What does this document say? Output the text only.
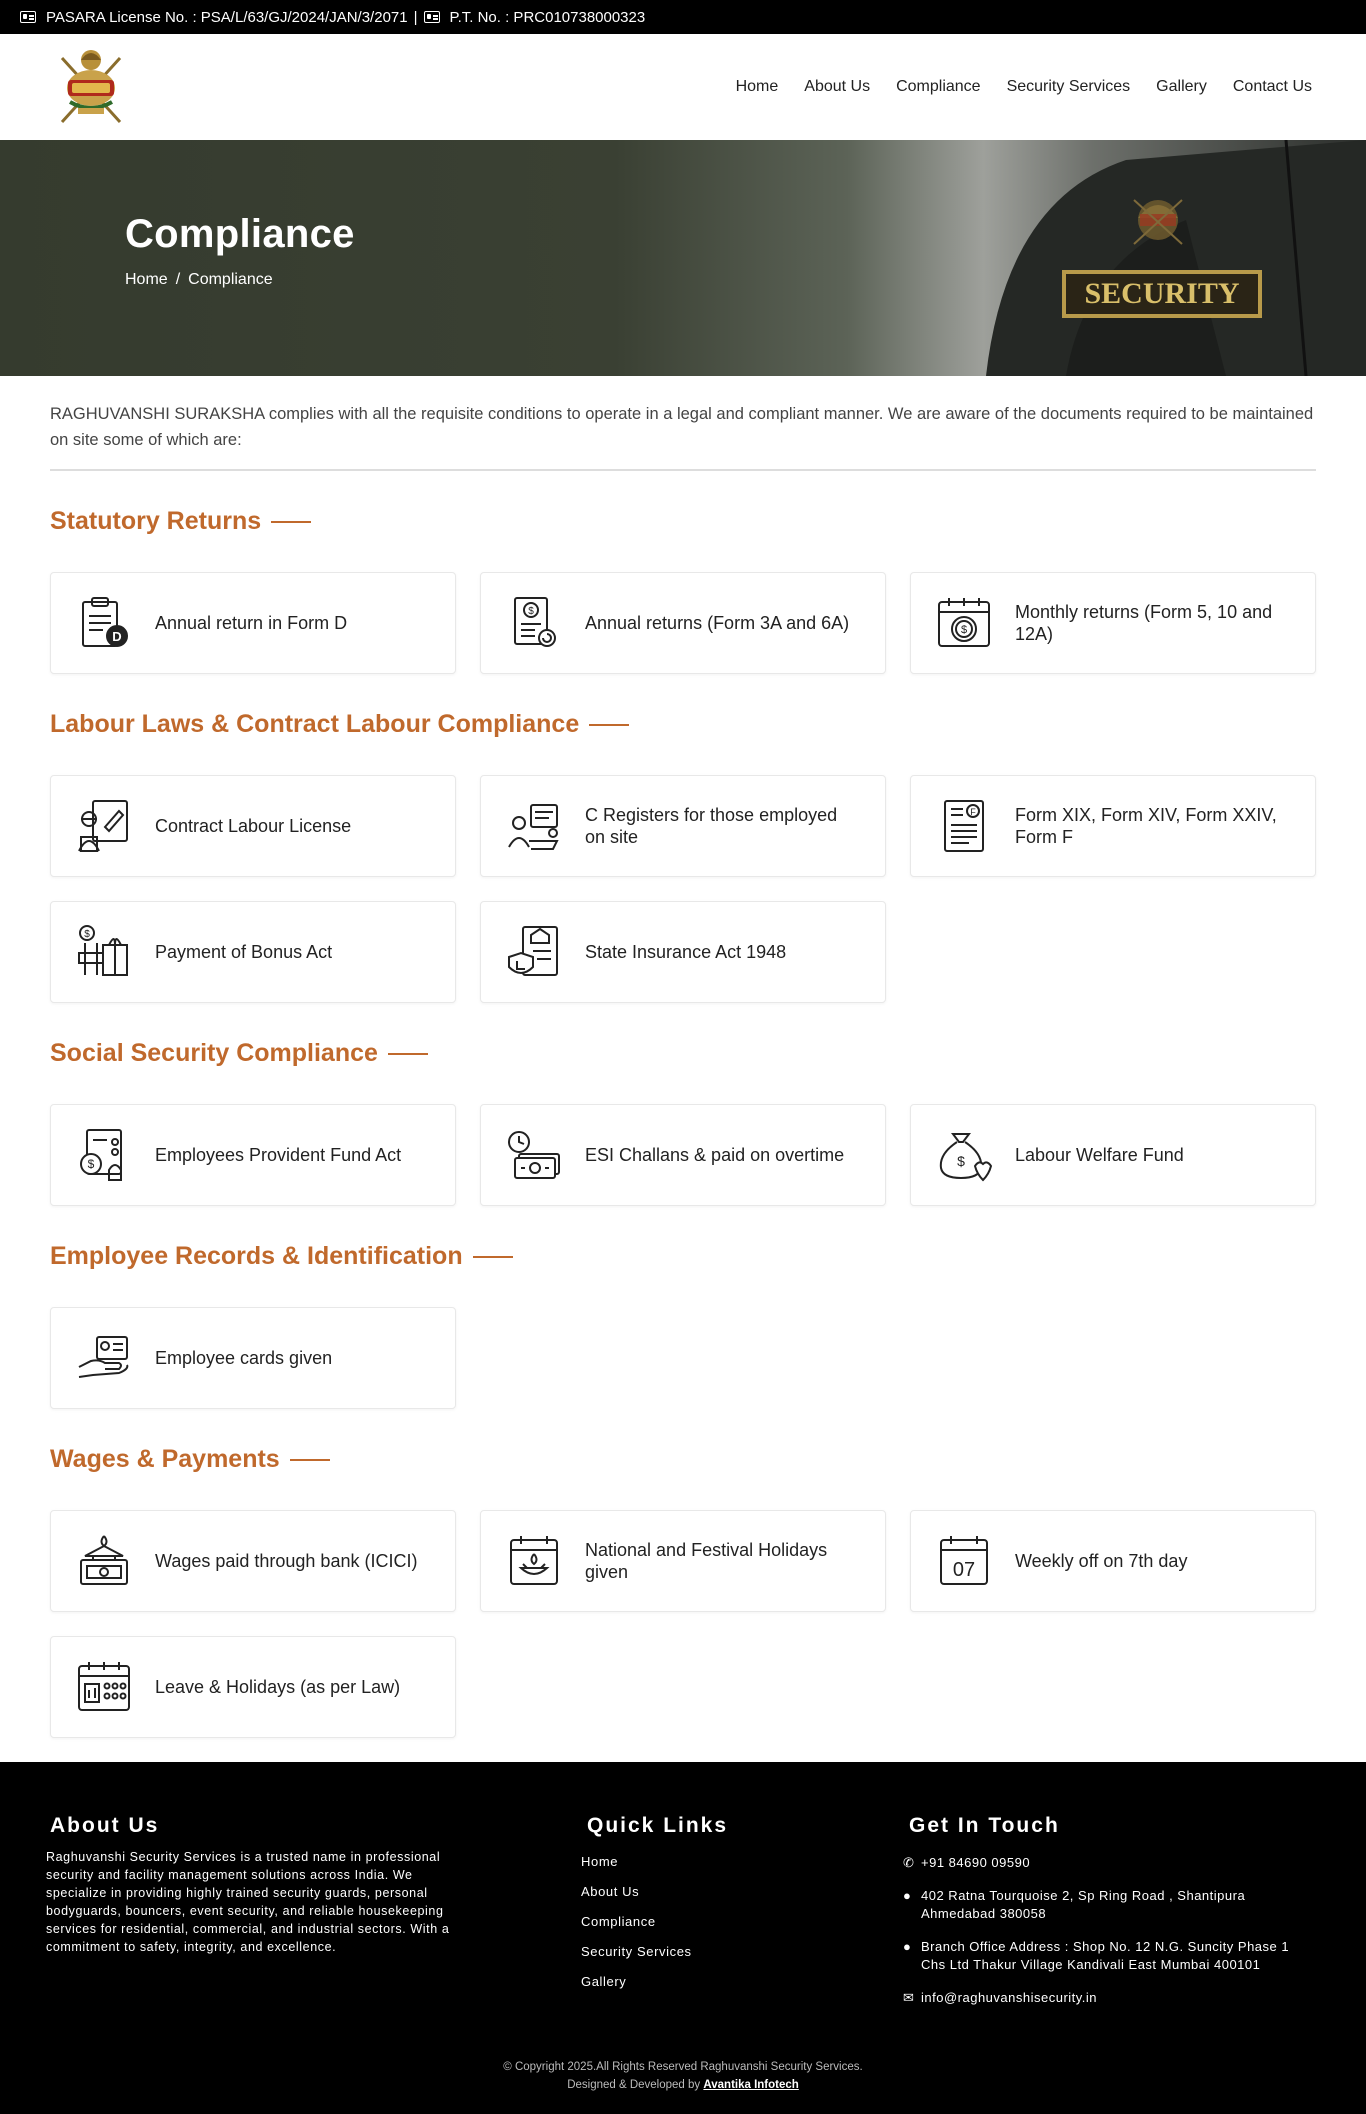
PASARA License No. : PSA/L/63/GJ/2024/JAN/3/2071 | P.T. No. : PRC010738000323
Home About Us Compliance Security Services Gallery Contact Us
SECURITY
Compliance
Home / Compliance

RAGHUVANSHI SURAKSHA complies with all the requisite conditions to operate in a legal and compliant manner. We are aware of the documents required to be maintained on site some of which are:

Statutory Returns
D
Annual return in Form D
$
Annual returns (Form 3A and 6A)	$
Monthly returns (Form 5, 10 and 12A)
Labour Laws & Contract Labour Compliance
Contract Labour License
C Registers for those employed on site
F Form XIX, Form XIV, Form XXIV, Form F
$
Payment of Bonus Act	State Insurance Act 1948
Social Security Compliance
$	Employees Provident Fund Act	ESI Challans & paid on overtime	$	Labour Welfare Fund
Employee Records & Identification
Employee cards given
Wages & Payments
Wages paid through bank (ICICI)
National and Festival Holidays given	07 Weekly off on 7th day
Leave & Holidays (as per Law)
About Us

Raghuvanshi Security Services is a trusted name in professional security and facility management solutions across India. We specialize in providing highly trained security guards, personal bodyguards, bouncers, event security, and reliable housekeeping services for residential, commercial, and industrial sectors. With a commitment to safety, integrity, and excellence.

Quick Links
Home
About Us
Compliance
Security Services
Gallery
Get In Touch
✆ +91 84690 09590
● 402 Ratna Tourquoise 2, Sp Ring Road , Shantipura Ahmedabad 380058
● Branch Office Address : Shop No. 12 N.G. Suncity Phase 1 Chs Ltd Thakur Village Kandivali East Mumbai 400101
✉ info@raghuvanshisecurity.in
© Copyright 2025.All Rights Reserved Raghuvanshi Security Services.
Designed & Developed by Avantika Infotech
